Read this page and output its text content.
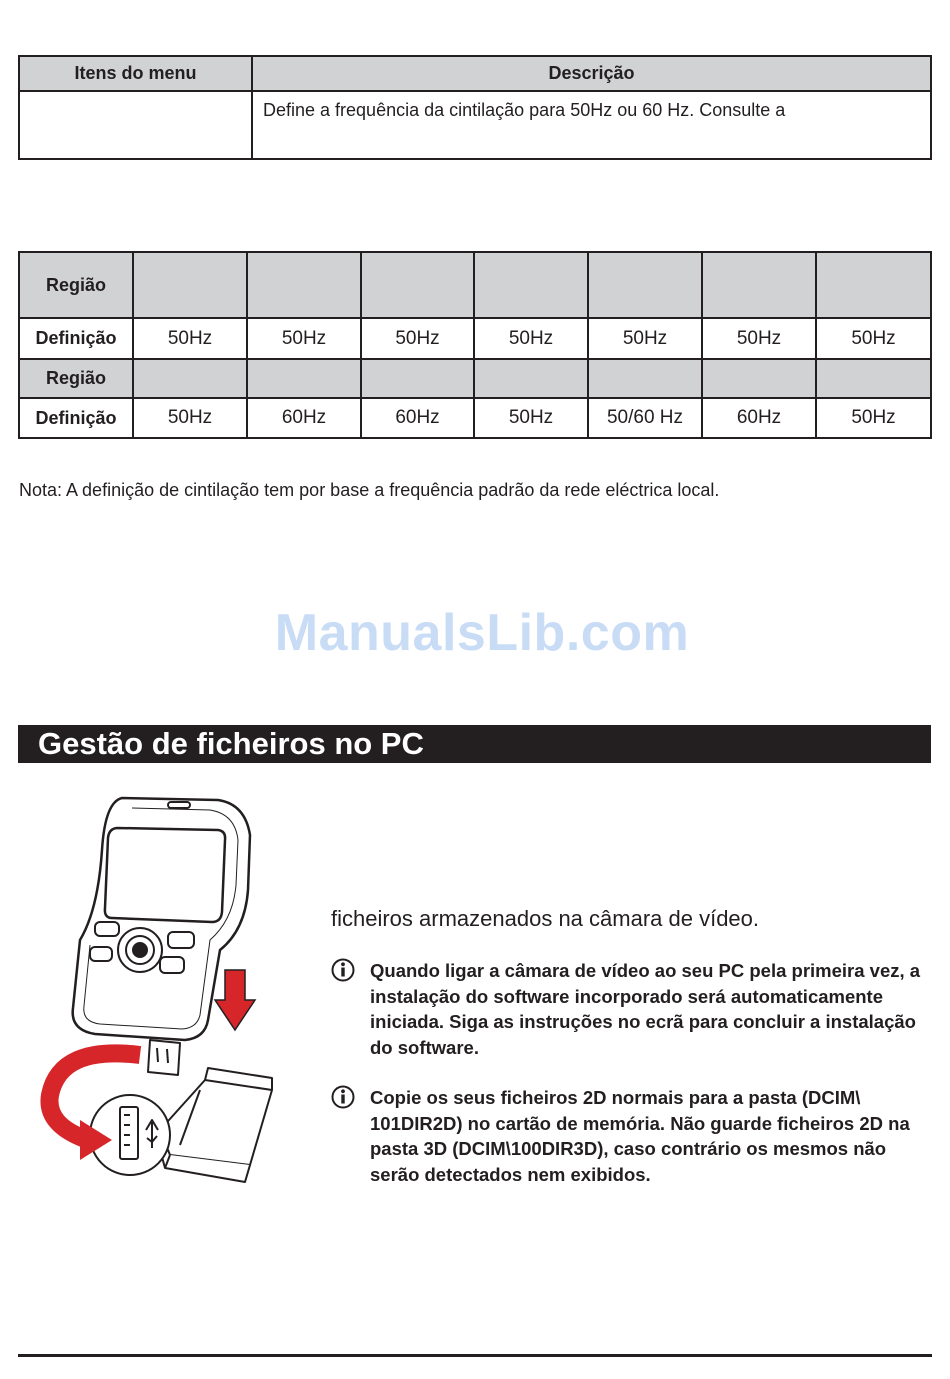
Itens do menu	Descrição
	Define a frequência da cintilação para 50Hz ou 60 Hz. Consulte a
Região							
Definição	50Hz	50Hz	50Hz	50Hz	50Hz	50Hz	50Hz
Região							
Definição	50Hz	60Hz	60Hz	50Hz	50/60 Hz	60Hz	50Hz
Nota: A definição de cintilação tem por base a frequência padrão da rede eléctrica local.
ManualsLib.com
Gestão de ficheiros no PC
ficheiros armazenados na câmara de vídeo.
Quando ligar a câmara de vídeo ao seu PC pela primeira vez, a instalação do software incorporado será automaticamente iniciada. Siga as instruções no ecrã para concluir a instalação do software.
Copie os seus ficheiros 2D normais para a pasta (DCIM\ 101DIR2D) no cartão de memória. Não guarde ficheiros 2D na pasta 3D (DCIM\100DIR3D), caso contrário os mesmos não serão detectados nem exibidos.
